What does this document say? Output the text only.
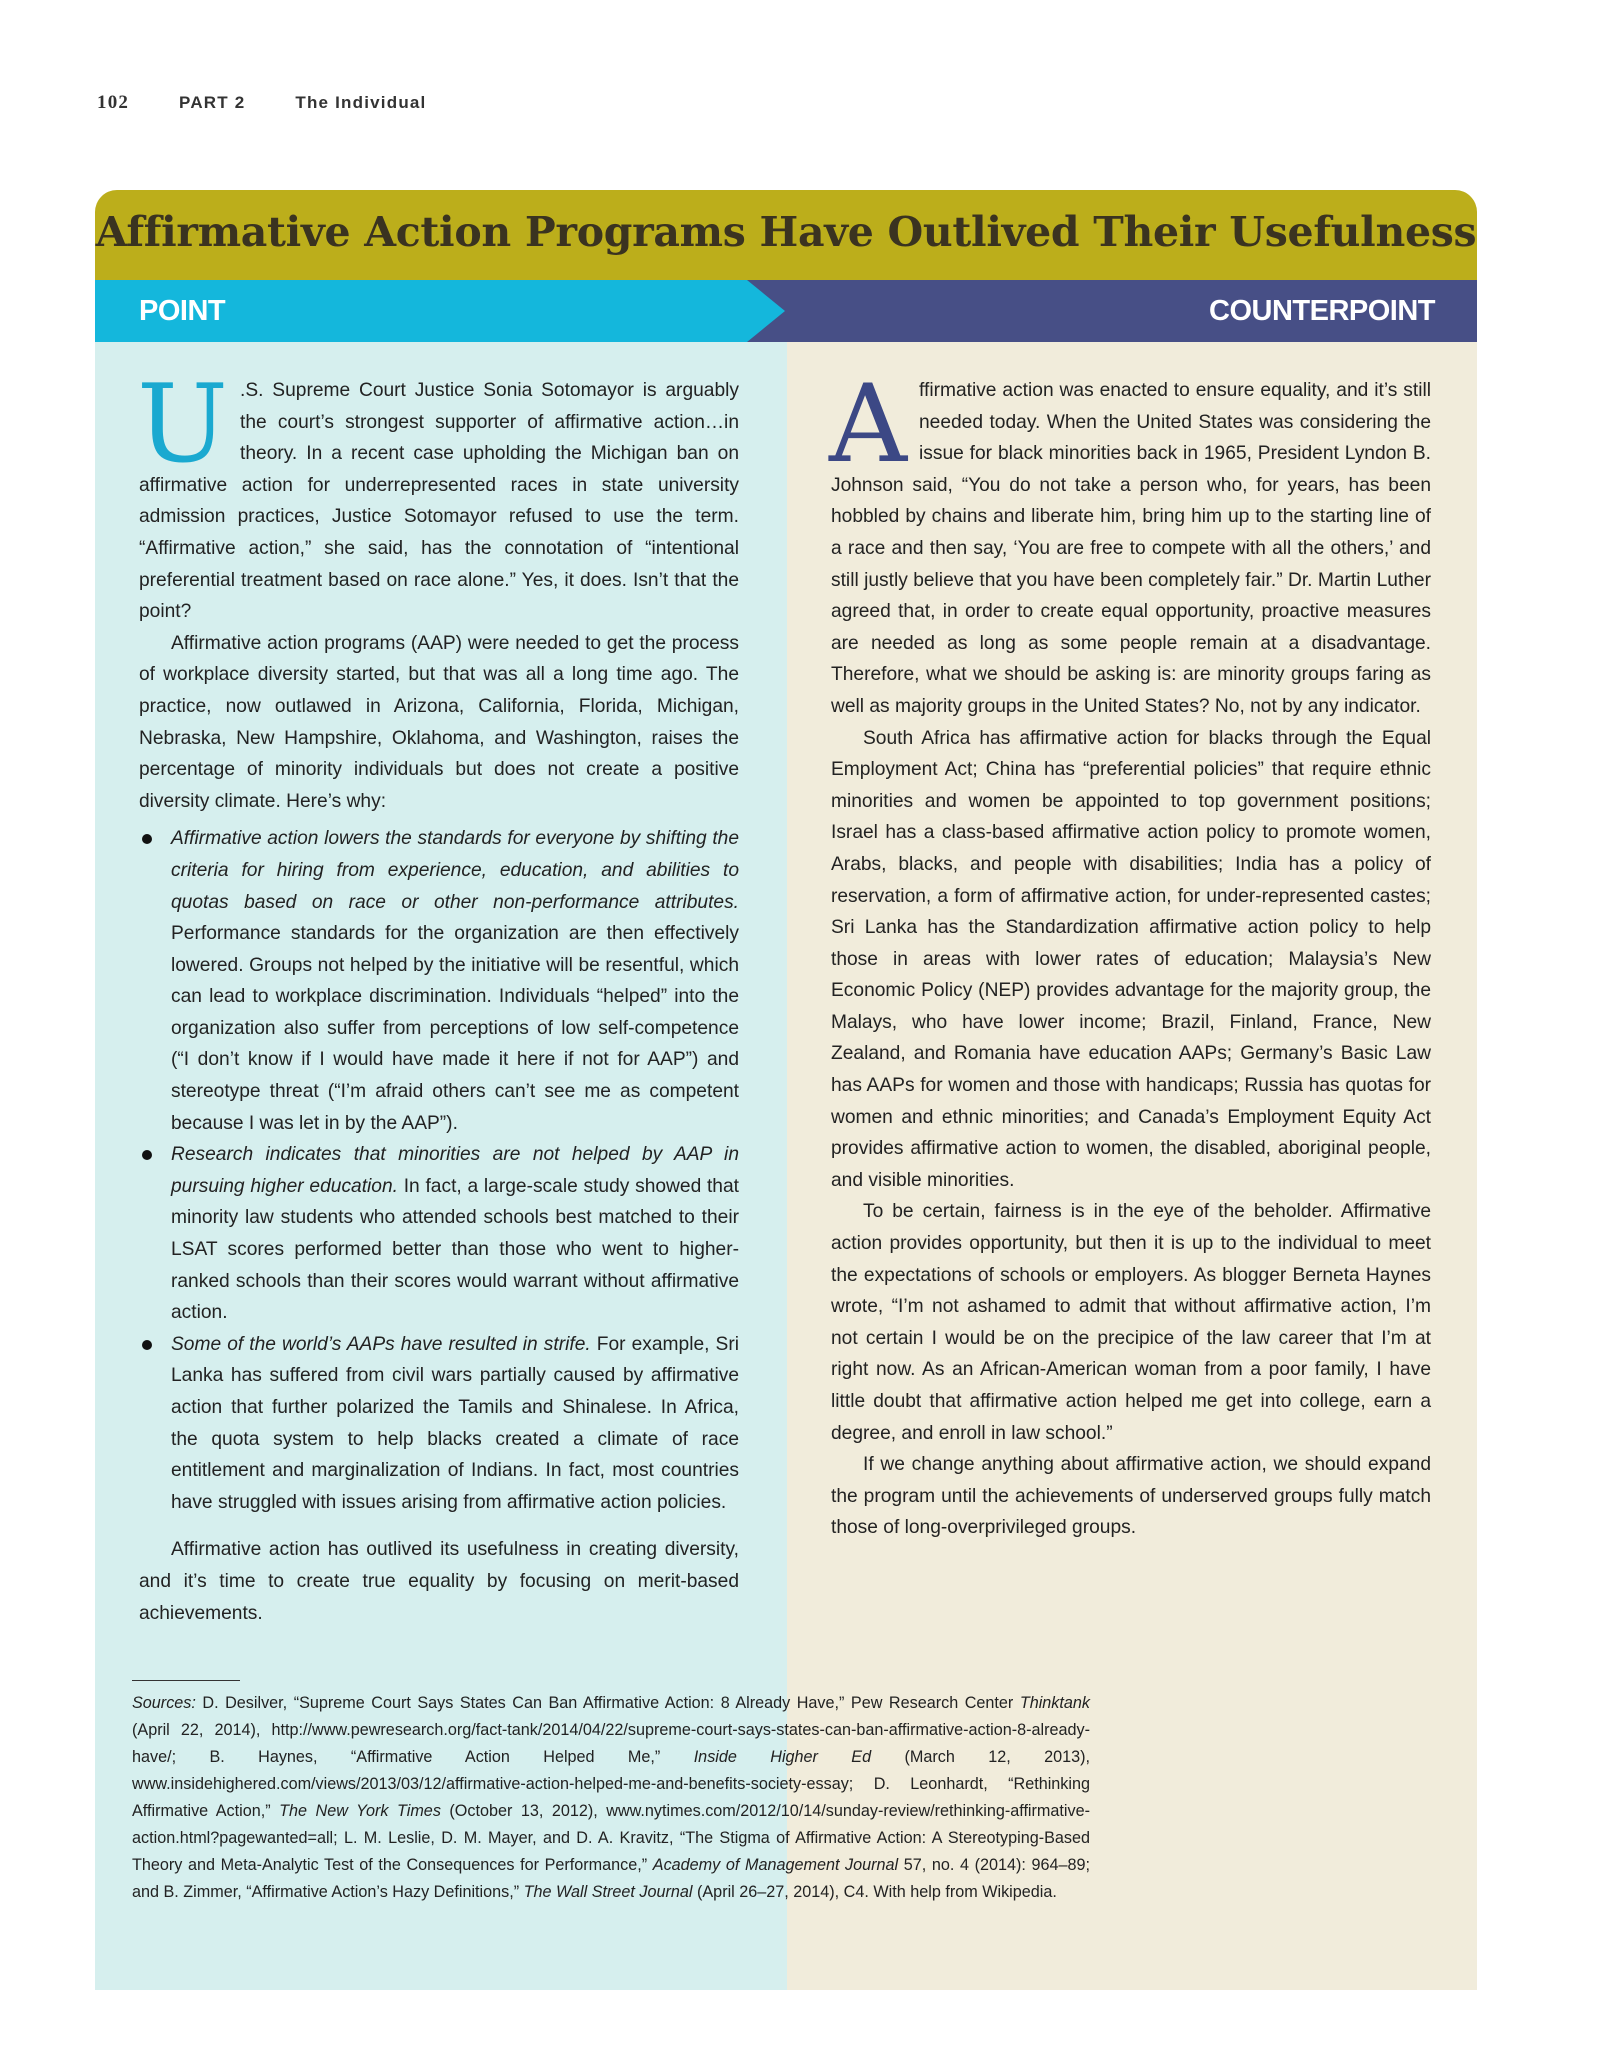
102	PART 2	The Individual
Affirmative Action Programs Have Outlived Their Usefulness
POINT	COUNTERPOINT

U .S. Supreme Court Justice Sonia Sotomayor is arguably the court’s strongest supporter of affirmative action…in theory. In a recent case upholding the Michigan ban on affirmative action for underrepresented races in state university admission practices, Justice Sotomayor refused to use the term. “Affirmative action,” she said, has the connotation of “intentional preferential treatment based on race alone.” Yes, it does. Isn’t that the point?

Affirmative action programs (AAP) were needed to get the process of workplace diversity started, but that was all a long time ago. The practice, now outlawed in Arizona, California, Florida, Michigan, Nebraska, New Hampshire, Oklahoma, and Washington, raises the percentage of minority individuals but does not create a positive diversity climate. Here’s why:

Affirmative action lowers the standards for everyone by shifting the criteria for hiring from experience, education, and abilities to quotas based on race or other non-performance attributes. Performance standards for the organization are then effectively lowered. Groups not helped by the initiative will be resentful, which can lead to workplace discrimination. Individuals “helped” into the organization also suffer from perceptions of low self-competence (“I don’t know if I would have made it here if not for AAP”) and stereotype threat (“I’m afraid others can’t see me as competent because I was let in by the AAP”).
Research indicates that minorities are not helped by AAP in pursuing higher education. In fact, a large-scale study showed that minority law students who attended schools best matched to their LSAT scores performed better than those who went to higher-ranked schools than their scores would warrant without affirmative action.
Some of the world’s AAPs have resulted in strife. For example, Sri Lanka has suffered from civil wars partially caused by affirmative action that further polarized the Tamils and Shinalese. In Africa, the quota system to help blacks created a climate of race entitlement and marginalization of Indians. In fact, most countries have struggled with issues arising from affirmative action policies.

Affirmative action has outlived its usefulness in creating diversity, and it’s time to create true equality by focusing on merit-based achievements.

Affirmative action was enacted to ensure equality, and it’s still needed today. When the United States was considering the issue for black minorities back in 1965, President Lyndon B. Johnson said, “You do not take a person who, for years, has been hobbled by chains and liberate him, bring him up to the starting line of a race and then say, ‘You are free to compete with all the others,’ and still justly believe that you have been completely fair.” Dr. Martin Luther agreed that, in order to create equal opportunity, proactive measures are needed as long as some people remain at a disadvantage. Therefore, what we should be asking is: are minority groups faring as well as majority groups in the United States? No, not by any indicator.

South Africa has affirmative action for blacks through the Equal Employment Act; China has “preferential policies” that require ethnic minorities and women be appointed to top government positions; Israel has a class-based affirmative action policy to promote women, Arabs, blacks, and people with disabilities; India has a policy of reservation, a form of affirmative action, for under-represented castes; Sri Lanka has the Standardization affirmative action policy to help those in areas with lower rates of education; Malaysia’s New Economic Policy (NEP) provides advantage for the majority group, the Malays, who have lower income; Brazil, Finland, France, New Zealand, and Romania have education AAPs; Germany’s Basic Law has AAPs for women and those with handicaps; Russia has quotas for women and ethnic minorities; and Canada’s Employment Equity Act provides affirmative action to women, the disabled, aboriginal people, and visible minorities.

To be certain, fairness is in the eye of the beholder. Affirmative action provides opportunity, but then it is up to the individual to meet the expectations of schools or employers. As blogger Berneta Haynes wrote, “I’m not ashamed to admit that without affirmative action, I’m not certain I would be on the precipice of the law career that I’m at right now. As an African-American woman from a poor family, I have little doubt that affirmative action helped me get into college, earn a degree, and enroll in law school.”

If we change anything about affirmative action, we should expand the program until the achievements of underserved groups fully match those of long-overprivileged groups.

Sources: D. Desilver, “Supreme Court Says States Can Ban Affirmative Action: 8 Already Have,” Pew Research Center Thinktank (April 22, 2014), http://www.pewresearch.org/fact-tank/2014/04/22/supreme-court-says-states-can-ban-affirmative-action-8-already-have/; B. Haynes, “Affirmative Action Helped Me,” Inside Higher Ed (March 12, 2013), www.insidehighered.com/views/2013/03/12/affirmative-action-helped-me-and-benefits-society-essay; D. Leonhardt, “Rethinking Affirmative Action,” The New York Times (October 13, 2012), www.nytimes.com/2012/10/14/sunday-review/rethinking-affirmative-action.html?pagewanted=all; L. M. Leslie, D. M. Mayer, and D. A. Kravitz, “The Stigma of Affirmative Action: A Stereotyping-Based Theory and Meta-Analytic Test of the Consequences for Performance,” Academy of Management Journal 57, no. 4 (2014): 964–89; and B. Zimmer, “Affirmative Action’s Hazy Definitions,” The Wall Street Journal (April 26–27, 2014), C4. With help from Wikipedia.
